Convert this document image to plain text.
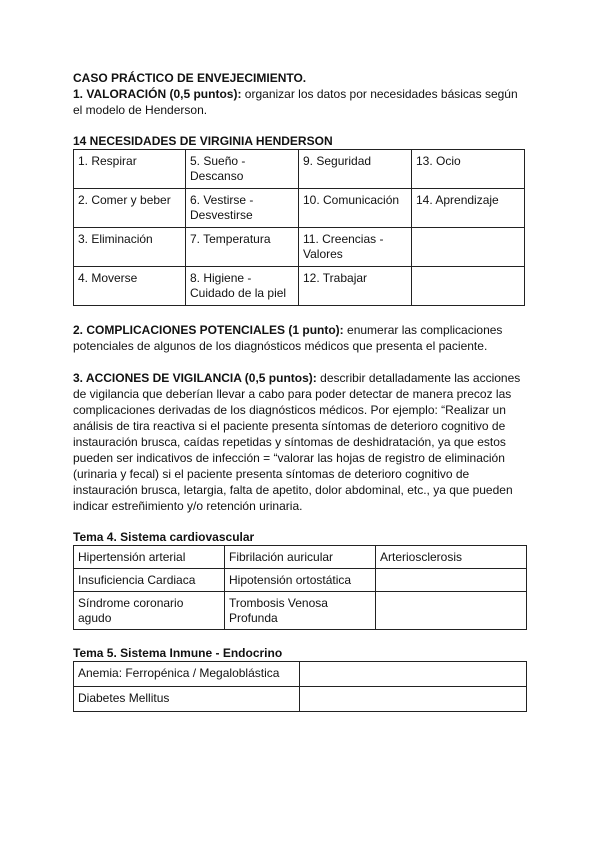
CASO PRÁCTICO DE ENVEJECIMIENTO.

1. VALORACIÓN (0,5 puntos): organizar los datos por necesidades básicas según el modelo de Henderson.

14 NECESIDADES DE VIRGINIA HENDERSON

1. Respirar	5. Sueño - Descanso	9. Seguridad	13. Ocio
2. Comer y beber	6. Vestirse - Desvestirse	10. Comunicación	14. Aprendizaje
3. Eliminación	7. Temperatura	11. Creencias - Valores	
4. Moverse	8. Higiene - Cuidado de la piel	12. Trabajar	

2. COMPLICACIONES POTENCIALES (1 punto): enumerar las complicaciones potenciales de algunos de los diagnósticos médicos que presenta el paciente.

3. ACCIONES DE VIGILANCIA (0,5 puntos): describir detalladamente las acciones de vigilancia que deberían llevar a cabo para poder detectar de manera precoz las complicaciones derivadas de los diagnósticos médicos. Por ejemplo: “Realizar un análisis de tira reactiva si el paciente presenta síntomas de deterioro cognitivo de instauración brusca, caídas repetidas y síntomas de deshidratación, ya que estos pueden ser indicativos de infección = “valorar las hojas de registro de eliminación (urinaria y fecal) si el paciente presenta síntomas de deterioro cognitivo de instauración brusca, letargia, falta de apetito, dolor abdominal, etc., ya que pueden indicar estreñimiento y/o retención urinaria.

Tema 4. Sistema cardiovascular

Hipertensión arterial	Fibrilación auricular	Arteriosclerosis
Insuficiencia Cardiaca	Hipotensión ortostática	
Síndrome coronario agudo	Trombosis Venosa Profunda	

Tema 5. Sistema Inmune - Endocrino

Anemia: Ferropénica / Megaloblástica	
Diabetes Mellitus	
